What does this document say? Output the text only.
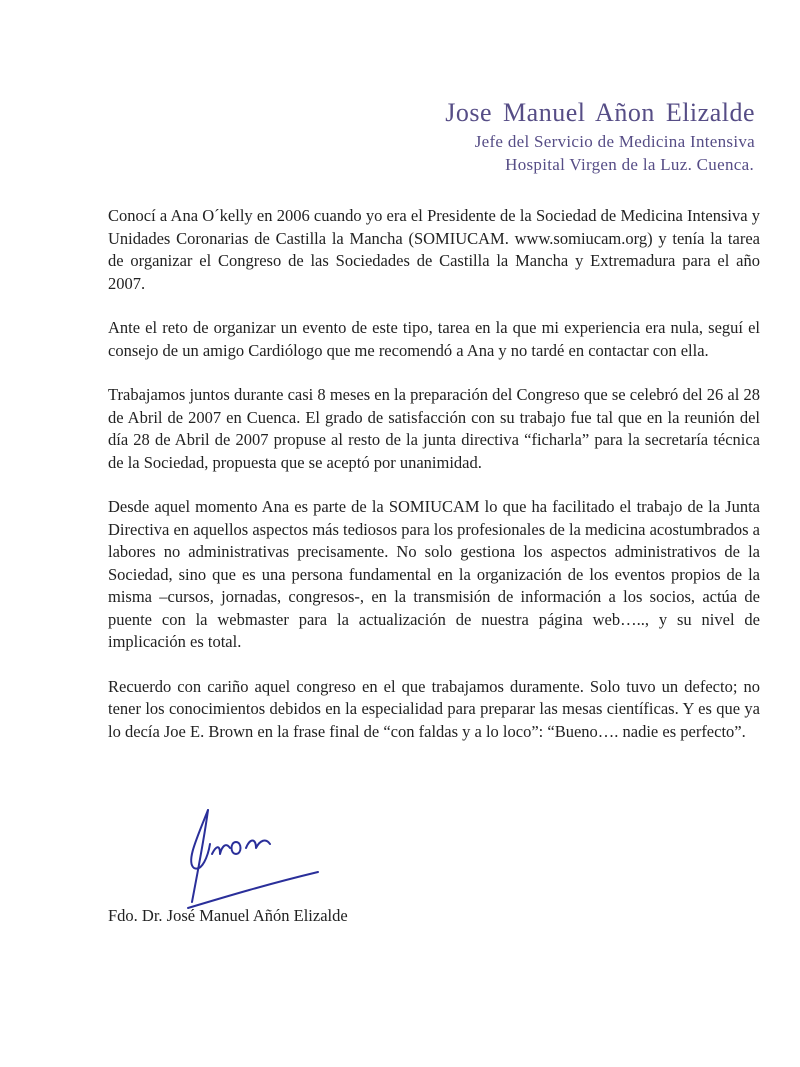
Jose Manuel Añon Elizalde
Jefe del Servicio de Medicina Intensiva
Hospital Virgen de la Luz. Cuenca.

Conocí a Ana O´kelly en 2006 cuando yo era el Presidente de la Sociedad de Medicina Intensiva y Unidades Coronarias de Castilla la Mancha (SOMIUCAM. www.somiucam.org) y tenía la tarea de organizar el Congreso de las Sociedades de Castilla la Mancha y Extremadura para el año 2007.

Ante el reto de organizar un evento de este tipo, tarea en la que mi experiencia era nula, seguí el consejo de un amigo Cardiólogo que me recomendó a Ana y no tardé en contactar con ella.

Trabajamos juntos durante casi 8 meses en la preparación del Congreso que se celebró del 26 al 28 de Abril de 2007 en Cuenca. El grado de satisfacción con su trabajo fue tal que en la reunión del día 28 de Abril de 2007 propuse al resto de la junta directiva “ficharla” para la secretaría técnica de la Sociedad, propuesta que se aceptó por unanimidad.

Desde aquel momento Ana es parte de la SOMIUCAM lo que ha facilitado el trabajo de la Junta Directiva en aquellos aspectos más tediosos para los profesionales de la medicina acostumbrados a labores no administrativas precisamente. No solo gestiona los aspectos administrativos de la Sociedad, sino que es una persona fundamental en la organización de los eventos propios de la misma –cursos, jornadas, congresos-, en la transmisión de información a los socios, actúa de puente con la webmaster para la actualización de nuestra página web….., y su nivel de implicación es total.

Recuerdo con cariño aquel congreso en el que trabajamos duramente. Solo tuvo un defecto; no tener los conocimientos debidos en la especialidad para preparar las mesas científicas. Y es que ya lo decía Joe E. Brown en la frase final de “con faldas y a lo loco”: “Bueno…. nadie es perfecto”.

Fdo. Dr. José Manuel Añón Elizalde
